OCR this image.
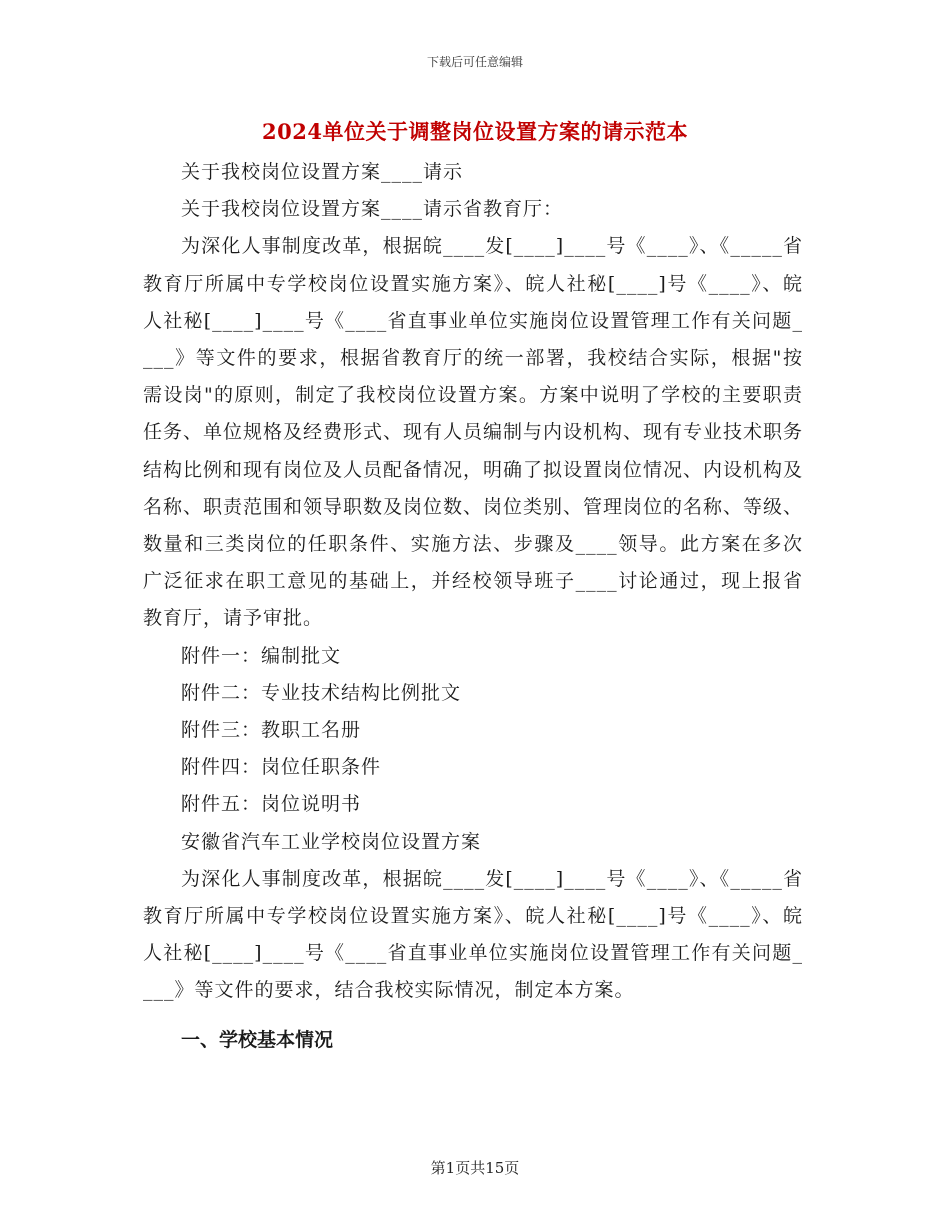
下载后可任意编辑
2024单位关于调整岗位设置方案的请示范本

关于我校岗位设置方案____请示

关于我校岗位设置方案____请示省教育厅：

为深化人事制度改革，根据皖____发[____]____号《____》、《_____省教育厅所属中专学校岗位设置实施方案》、皖人社秘[____]号《____》、皖人社秘[____]____号《____省直事业单位实施岗位设置管理工作有关问题____》等文件的要求，根据省教育厅的统一部署，我校结合实际，根据"按需设岗"的原则，制定了我校岗位设置方案。方案中说明了学校的主要职责任务、单位规格及经费形式、现有人员编制与内设机构、现有专业技术职务结构比例和现有岗位及人员配备情况，明确了拟设置岗位情况、内设机构及名称、职责范围和领导职数及岗位数、岗位类别、管理岗位的名称、等级、数量和三类岗位的任职条件、实施方法、步骤及____领导。此方案在多次广泛征求在职工意见的基础上，并经校领导班子____讨论通过，现上报省教育厅，请予审批。

附件一：编制批文

附件二：专业技术结构比例批文

附件三：教职工名册

附件四：岗位任职条件

附件五：岗位说明书

安徽省汽车工业学校岗位设置方案

为深化人事制度改革，根据皖____发[____]____号《____》、《_____省教育厅所属中专学校岗位设置实施方案》、皖人社秘[____]号《____》、皖人社秘[____]____号《____省直事业单位实施岗位设置管理工作有关问题____》等文件的要求，结合我校实际情况，制定本方案。

一、学校基本情况

第1页共15页
